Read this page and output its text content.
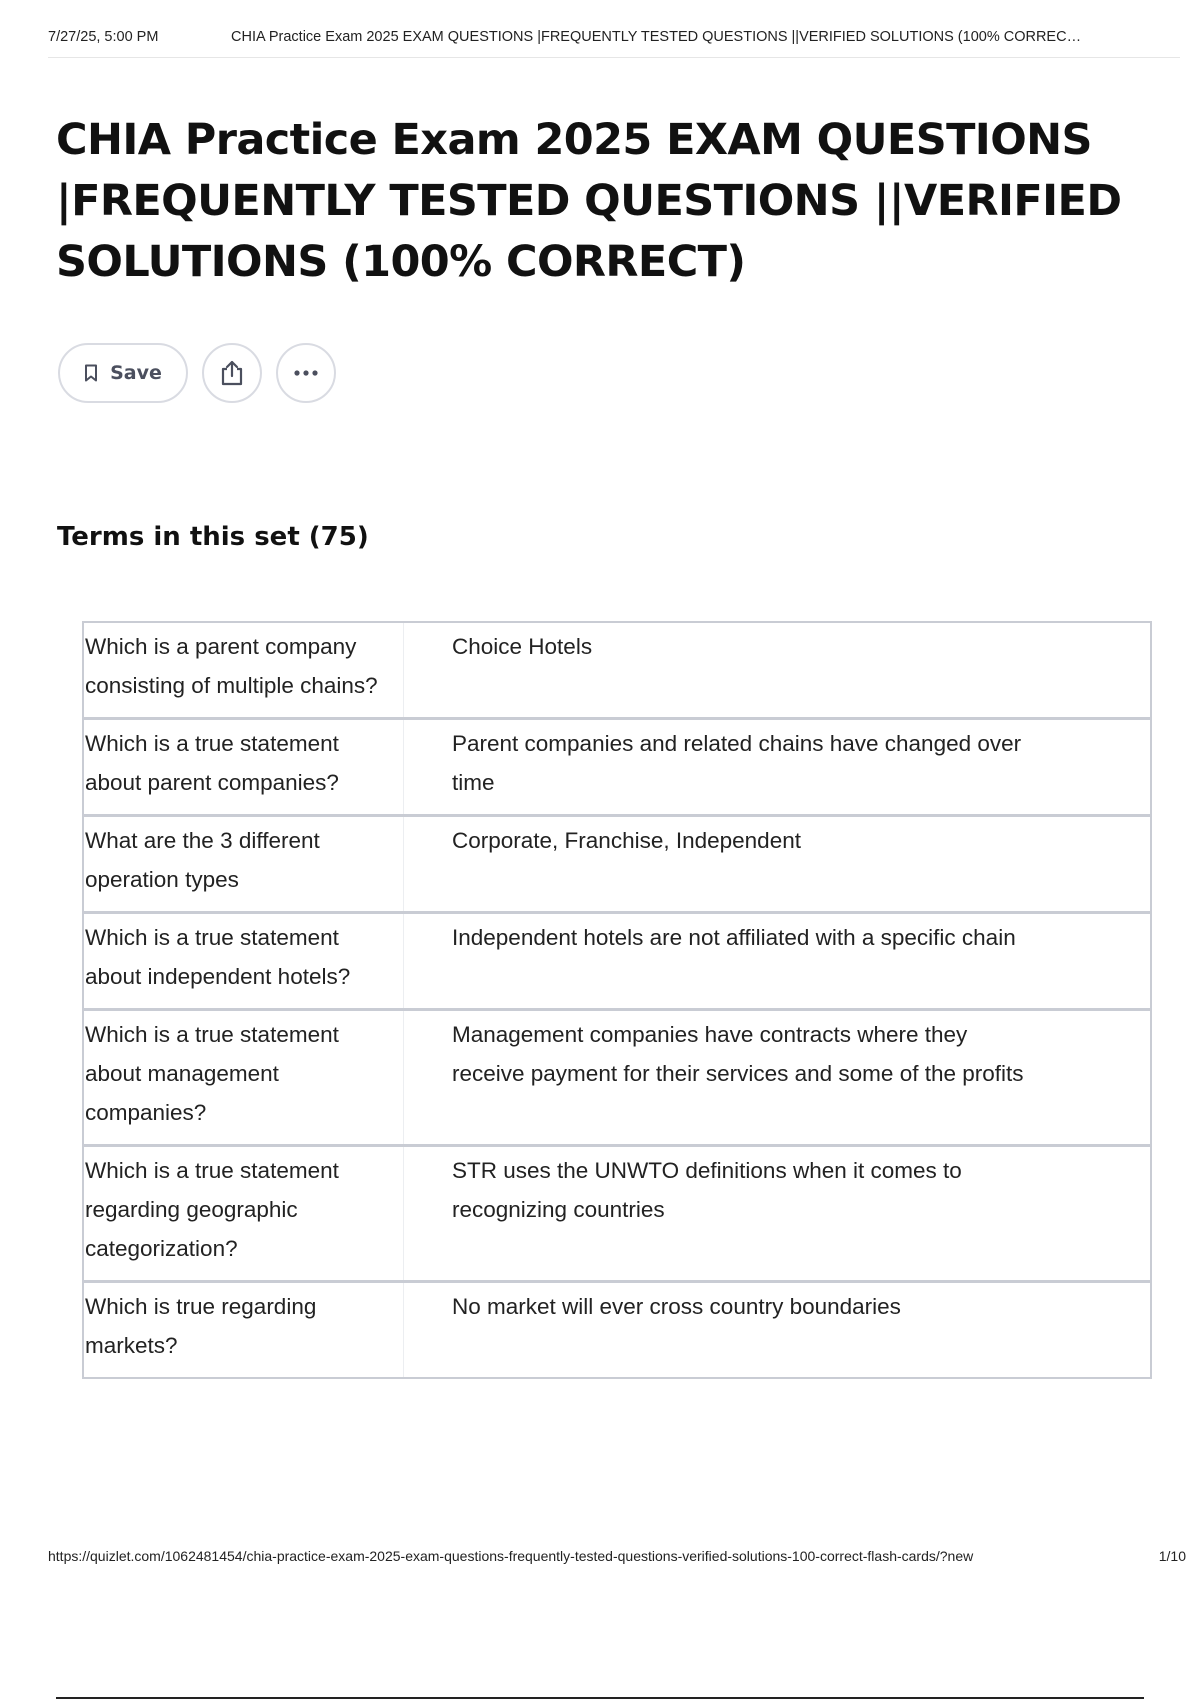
7/27/25, 5:00 PM	CHIA Practice Exam 2025 EXAM QUESTIONS |FREQUENTLY TESTED QUESTIONS ||VERIFIED SOLUTIONS (100% CORREC…
CHIA Practice Exam 2025 EXAM QUESTIONS |FREQUENTLY TESTED QUESTIONS ||VERIFIED SOLUTIONS (100% CORRECT)
Save
Terms in this set (75)
Which is a parent company consisting of multiple chains?
Choice Hotels
Which is a true statement about parent companies?
Parent companies and related chains have changed over time
What are the 3 different operation types
Corporate, Franchise, Independent
Which is a true statement about independent hotels?
Independent hotels are not affiliated with a specific chain
Which is a true statement about management companies?
Management companies have contracts where they receive payment for their services and some of the profits
Which is a true statement regarding geographic categorization?
STR uses the UNWTO definitions when it comes to recognizing countries
Which is true regarding markets?
No market will ever cross country boundaries
https://quizlet.com/1062481454/chia-practice-exam-2025-exam-questions-frequently-tested-questions-verified-solutions-100-correct-flash-cards/?new	1/10
